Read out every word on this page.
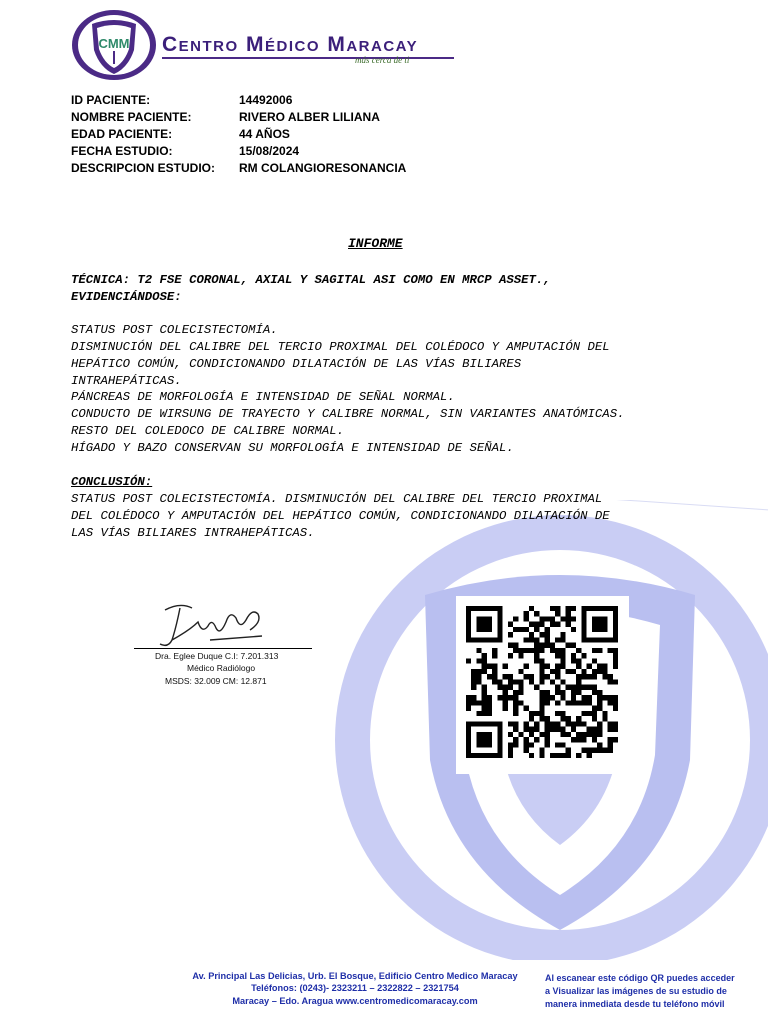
CMM Centro Médico Maracay
más cerca de ti
ID PACIENTE:	14492006
NOMBRE PACIENTE:	RIVERO ALBER LILIANA
EDAD PACIENTE:	44 AÑOS
FECHA ESTUDIO:	15/08/2024
DESCRIPCION ESTUDIO: RM COLANGIORESONANCIA
INFORME
TÉCNICA: T2 FSE CORONAL, AXIAL Y SAGITAL ASI COMO EN MRCP ASSET.,
EVIDENCIÁNDOSE:
STATUS POST COLECISTECTOMÍA.
DISMINUCIÓN DEL CALIBRE DEL TERCIO PROXIMAL DEL COLÉDOCO Y AMPUTACIÓN DEL
HEPÁTICO COMÚN, CONDICIONANDO DILATACIÓN DE LAS VÍAS BILIARES
INTRAHEPÁTICAS.
PÁNCREAS DE MORFOLOGÍA E INTENSIDAD DE SEÑAL NORMAL.
CONDUCTO DE WIRSUNG DE TRAYECTO Y CALIBRE NORMAL, SIN VARIANTES ANATÓMICAS.
RESTO DEL COLEDOCO DE CALIBRE NORMAL.
HÍGADO Y BAZO CONSERVAN SU MORFOLOGÍA E INTENSIDAD DE SEÑAL.
CONCLUSIÓN:
STATUS POST COLECISTECTOMÍA. DISMINUCIÓN DEL CALIBRE DEL TERCIO PROXIMAL
DEL COLÉDOCO Y AMPUTACIÓN DEL HEPÁTICO COMÚN, CONDICIONANDO DILATACIÓN DE
LAS VÍAS BILIARES INTRAHEPÁTICAS.
Dra. Eglee Duque C.I: 7.201.313
Médico Radiólogo
MSDS: 32.009 CM: 12.871
Av. Principal Las Delicias, Urb. El Bosque, Edificio Centro Medico Maracay
Teléfonos: (0243)- 2323211 – 2322822 – 2321754
Maracay – Edo. Aragua www.centromedicomaracay.com
Al escanear este código QR puedes acceder
a Visualizar las imágenes de su estudio de
manera inmediata desde tu teléfono móvil
